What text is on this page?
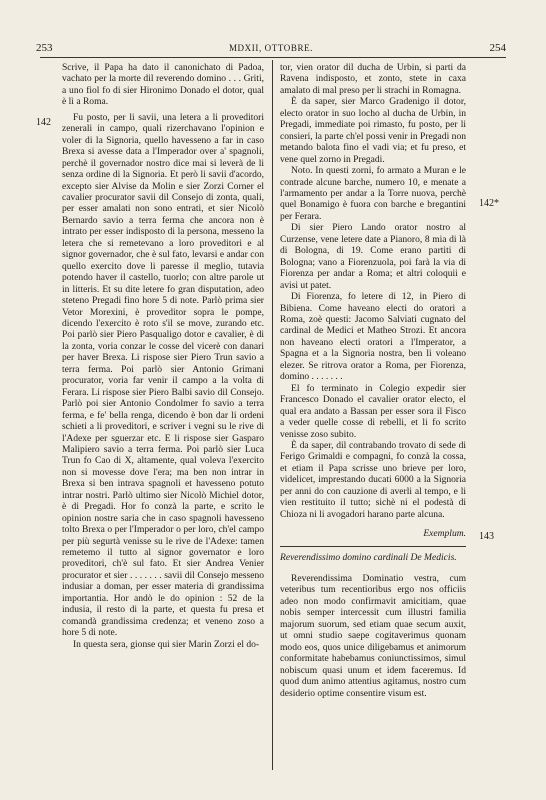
253	MDXII, OTTOBRE.	254
142
142*
143

Scrive, il Papa ha dato il canonichato di Padoa, vachato per la morte dil reverendo domino . . . Griti, a uno fiol fo di sier Hironimo Donado el dotor, qual è lì a Roma.

Fu posto, per li savii, una letera a li proveditori zenerali in campo, quali rizerchavano l'opinion e voler di la Signoria, quello havesseno a far in caso Brexa si avesse data a l'Imperador over a' spagnoli, perchè il governador nostro dice mai si leverà de li senza ordine di la Signoria. Et però li savii d'acordo, excepto sier Alvise da Molin e sier Zorzi Corner el cavalier procurator savii dil Consejo di zonta, quali, per esser amalati non sono entrati, et sier Nicolò Bernardo savio a terra ferma che ancora non è intrato per esser indisposto di la persona, messeno la letera che si remetevano a loro proveditori e al signor governador, che è sul fato, levarsi e andar con quello exercito dove li paresse il meglio, tutavia potendo haver il castello, tuorlo; con altre parole ut in litteris. Et su dite letere fo gran disputation, adeo steteno Pregadi fino hore 5 di note. Parlò prima sier Vetor Morexini, è proveditor sopra le pompe, dicendo l'exercito è roto s'il se move, zurando etc. Poi parlò sier Piero Pasqualigo dotor e cavalier, è di la zonta, voria conzar le cosse del vicerè con danari per haver Brexa. Li rispose sier Piero Trun savio a terra ferma. Poi parlò sier Antonio Grimani procurator, voria far venir il campo a la volta di Ferara. Li rispose sier Piero Balbi savio dil Consejo. Parlò poi sier Antonio Condolmer fo savio a terra ferma, e fe' bella renga, dicendo è bon dar li ordeni schieti a li proveditori, e scriver i vegni su le rive di l'Adexe per sguerzar etc. E li rispose sier Gasparo Malipiero savio a terra ferma. Poi parlò sier Luca Trun fo Cao di X, altamente, qual voleva l'exercito non si movesse dove l'era; ma ben non intrar in Brexa si ben intrava spagnoli et havesseno potuto intrar nostri. Parlò ultimo sier Nicolò Michiel dotor, è di Pregadi. Hor fo conzà la parte, e scrito le opinion nostre saria che in caso spagnoli havesseno tolto Brexa o per l'Imperador o per loro, ch'el campo per più segurtà venisse su le rive de l'Adexe: tamen remetemo il tutto al signor governator e loro proveditori, ch'è sul fato. Et sier Andrea Venier procurator et sier . . . . . . . savii dil Consejo messeno indusiar a doman, per esser materia di grandissima importantia. Hor andò le do opinion : 52 de la indusia, il resto di la parte, et questa fu presa et comandà grandissima credenza; et veneno zoso a hore 5 di note.

In questa sera, gionse qui sier Marin Zorzi el do-

tor, vien orator dil ducha de Urbin, si parti da Ravena indisposto, et zonto, stete in caxa amalato di mal preso per li strachi in Romagna.

È da saper, sier Marco Gradenigo il dotor, electo orator in suo locho al ducha de Urbin, in Pregadi, immediate poi rimasto, fu posto, per li consieri, la parte ch'el possi venir in Pregadi non metando balota fino el vadi via; et fu preso, et vene quel zorno in Pregadi.

Noto. In questi zorni, fo armato a Muran e le contrade alcune barche, numero 10, e menate a l'armamento per andar a la Torre nuova, perchè quel Bonamigo è fuora con barche e bregantini per Ferara.

Di sier Piero Lando orator nostro al Curzense, vene letere date a Pianoro, 8 mia di là di Bologna, di 19. Come erano partiti di Bologna; vano a Fiorenzuola, poi farà la via di Fiorenza per andar a Roma; et altri coloquii e avisi ut patet.

Di Fiorenza, fo letere di 12, in Piero di Bibiena. Come haveano electi do oratori a Roma, zoè questi: Jacomo Salviati cugnato del cardinal de Medici et Matheo Strozi. Et ancora non haveano electi oratori a l'Imperator, a Spagna et a la Signoria nostra, ben li voleano elezer. Se ritrova orator a Roma, per Fiorenza, domino . . . . . . .

El fo terminato in Colegio expedir sier Francesco Donado el cavalier orator electo, el qual era andato a Bassan per esser sora il Fisco a veder quelle cosse di rebelli, et li fo scrito venisse zoso subito.

È da saper, dil contrabando trovato di sede di Ferigo Grimaldi e compagni, fo conzà la cossa, et etiam il Papa scrisse uno brieve per loro, videlicet, imprestando ducati 6000 a la Signoria per anni do con cauzione di averli al tempo, e li vien restituito il tutto; sichè ni el podestà di Chioza ni li avogadori harano parte alcuna.

Exemplum.

Reverendissimo domino cardinali De Medicis.

Reverendissima Dominatio vestra, cum veteribus tum recentioribus ergo nos officiis adeo non modo confirmavit amicitiam, quae nobis semper intercessit cum illustri familia majorum suorum, sed etiam quae secum auxit, ut omni studio saepe cogitaverimus quonam modo eos, quos unice diligebamus et animorum conformitate habebamus coniunctissimos, simul nobiscum quasi unum et idem faceremus. Id quod dum animo attentius agitamus, nostro cum desiderio optime consentire visum est.
